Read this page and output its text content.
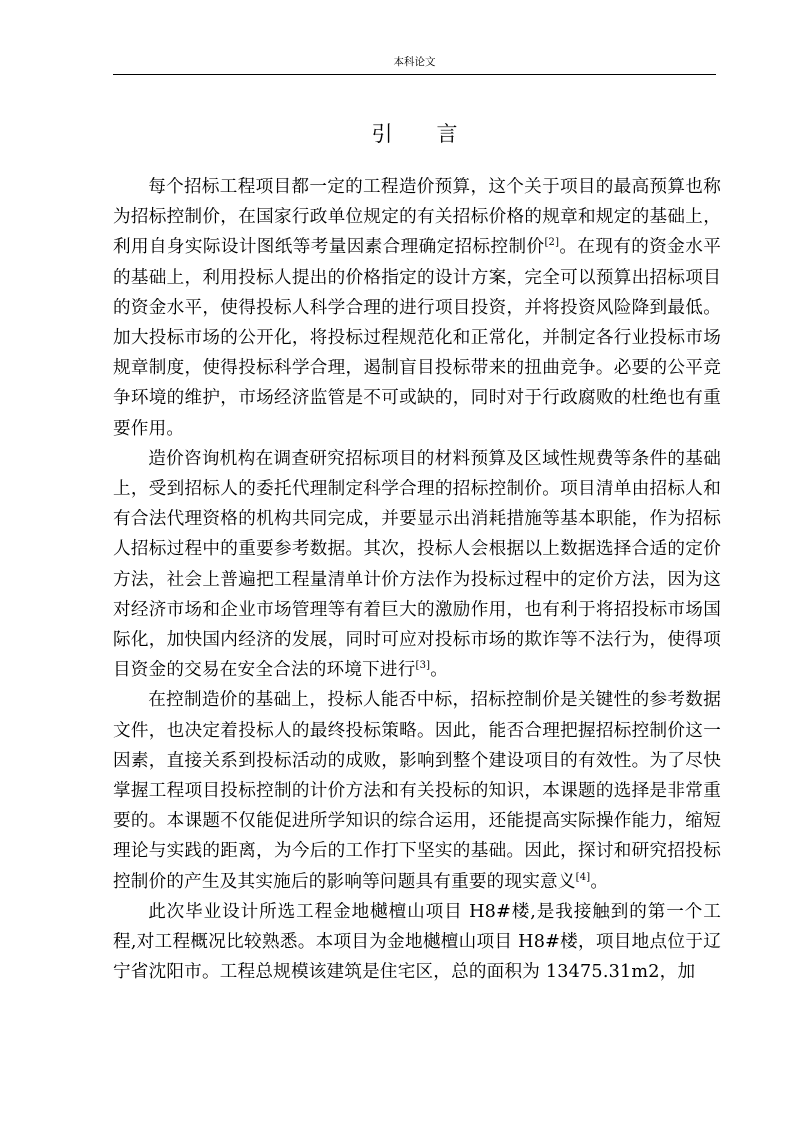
本科论文
引言

每个招标工程项目都一定的工程造价预算，这个关于项目的最高预算也称为招标控制价，在国家行政单位规定的有关招标价格的规章和规定的基础上，利用自身实际设计图纸等考量因素合理确定招标控制价[2]。在现有的资金水平的基础上，利用投标人提出的价格指定的设计方案，完全可以预算出招标项目的资金水平，使得投标人科学合理的进行项目投资，并将投资风险降到最低。加大投标市场的公开化，将投标过程规范化和正常化，并制定各行业投标市场规章制度，使得投标科学合理，遏制盲目投标带来的扭曲竞争。必要的公平竞争环境的维护，市场经济监管是不可或缺的，同时对于行政腐败的杜绝也有重要作用。

造价咨询机构在调查研究招标项目的材料预算及区域性规费等条件的基础上，受到招标人的委托代理制定科学合理的招标控制价。项目清单由招标人和有合法代理资格的机构共同完成，并要显示出消耗措施等基本职能，作为招标人招标过程中的重要参考数据。其次，投标人会根据以上数据选择合适的定价方法，社会上普遍把工程量清单计价方法作为投标过程中的定价方法，因为这对经济市场和企业市场管理等有着巨大的激励作用，也有利于将招投标市场国际化，加快国内经济的发展，同时可应对投标市场的欺诈等不法行为，使得项目资金的交易在安全合法的环境下进行[3]。

在控制造价的基础上，投标人能否中标，招标控制价是关键性的参考数据文件，也决定着投标人的最终投标策略。因此，能否合理把握招标控制价这一因素，直接关系到投标活动的成败，影响到整个建设项目的有效性。为了尽快掌握工程项目投标控制的计价方法和有关投标的知识，本课题的选择是非常重要的。本课题不仅能促进所学知识的综合运用，还能提高实际操作能力，缩短理论与实践的距离，为今后的工作打下坚实的基础。因此，探讨和研究招投标控制价的产生及其实施后的影响等问题具有重要的现实意义[4]。

此次毕业设计所选工程金地樾檀山项目 H8#楼,是我接触到的第一个工程,对工程概况比较熟悉。本项目为金地樾檀山项目 H8#楼，项目地点位于辽宁省沈阳市。工程总规模该建筑是住宅区，总的面积为 13475.31m2，加
